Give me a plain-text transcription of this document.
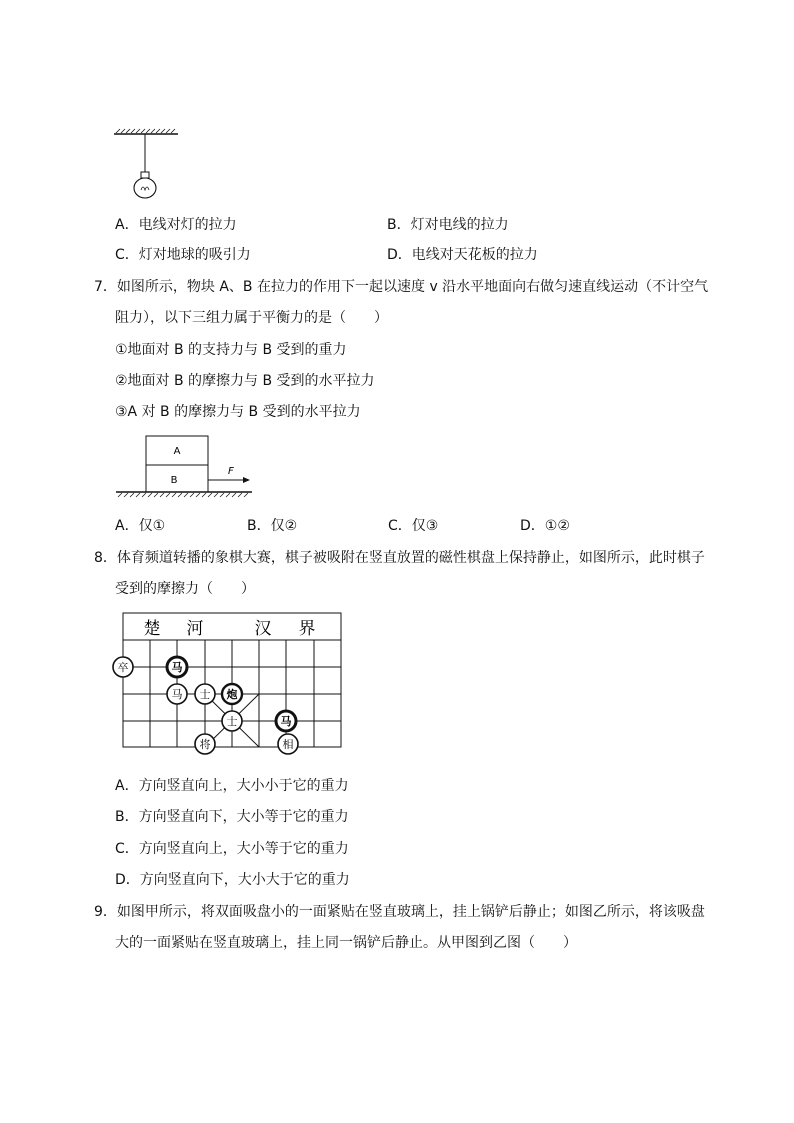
A．电线对灯的拉力	B．灯对电线的拉力
C．灯对地球的吸引力	D．电线对天花板的拉力
7．如图所示，物块 A、B 在拉力的作用下一起以速度 v 沿水平地面向右做匀速直线运动（不计空气
阻力），以下三组力属于平衡力的是（　　）
①地面对 B 的支持力与 B 受到的重力
②地面对 B 的摩擦力与 B 受到的水平拉力
③A 对 B 的摩擦力与 B 受到的水平拉力
A
B
F
A．仅①	B．仅②	C．仅③	D．①②
8．体育频道转播的象棋大赛，棋子被吸附在竖直放置的磁性棋盘上保持静止，如图所示，此时棋子
受到的摩擦力（　　）
楚 河	汉 界
卒	马
马 士 炮
士
将
马
相
A．方向竖直向上，大小小于它的重力
B．方向竖直向下，大小等于它的重力
C．方向竖直向上，大小等于它的重力
D．方向竖直向下，大小大于它的重力
9．如图甲所示，将双面吸盘小的一面紧贴在竖直玻璃上，挂上锅铲后静止；如图乙所示，将该吸盘
大的一面紧贴在竖直玻璃上，挂上同一锅铲后静止。从甲图到乙图（　　）
